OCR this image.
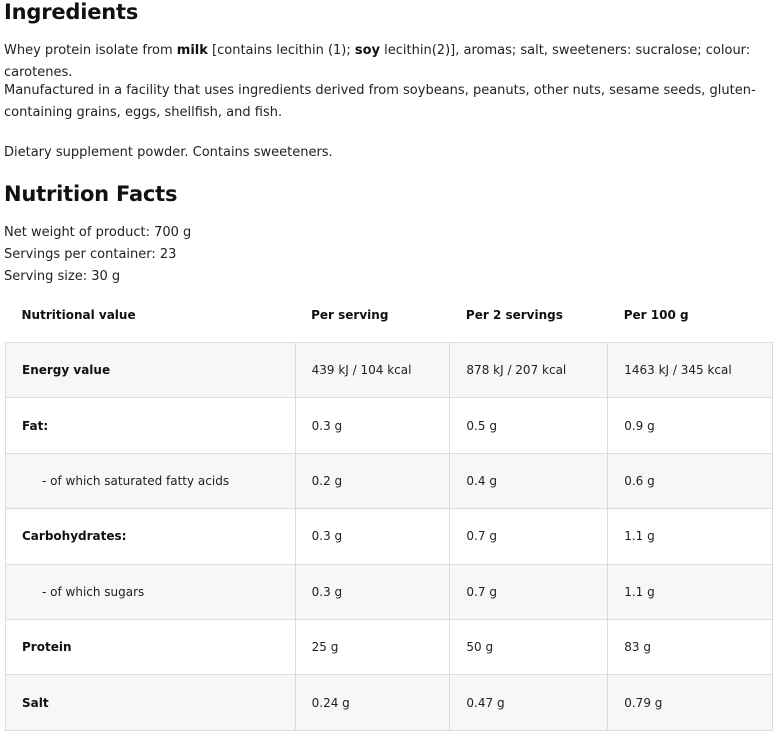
Ingredients

Whey protein isolate from milk [contains lecithin (1); soy lecithin(2)], aromas; salt, sweeteners: sucralose; colour: carotenes.

Manufactured in a facility that uses ingredients derived from soybeans, peanuts, other nuts, sesame seeds, gluten-containing grains, eggs, shellfish, and fish.

Dietary supplement powder. Contains sweeteners.

Nutrition Facts

Net weight of product: 700 g

Servings per container: 23

Serving size: 30 g

Nutritional value	Per serving	Per 2 servings	Per 100 g
Energy value	439 kJ / 104 kcal	878 kJ / 207 kcal	1463 kJ / 345 kcal
Fat:	0.3 g	0.5 g	0.9 g
- of which saturated fatty acids	0.2 g	0.4 g	0.6 g
Carbohydrates:	0.3 g	0.7 g	1.1 g
- of which sugars	0.3 g	0.7 g	1.1 g
Protein	25 g	50 g	83 g
Salt	0.24 g	0.47 g	0.79 g
